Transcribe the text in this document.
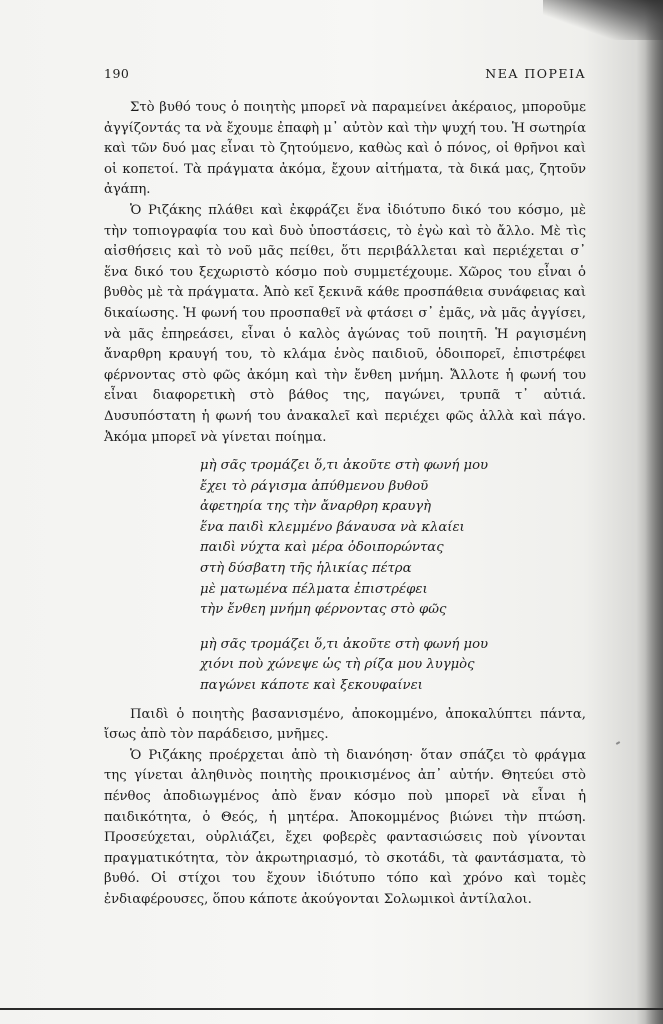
190	ΝΕΑ ΠΟΡΕΙΑ

Στὸ βυθό τους ὁ ποιητὴς μπορεῖ νὰ παραμείνει ἀκέραιος, μποροῦμε ἀγγίζοντάς τα νὰ ἔχουμε ἐπαφὴ μ᾽ αὐτὸν καὶ τὴν ψυχή του. Ἡ σωτηρία καὶ τῶν δυό μας εἶναι τὸ ζητούμενο, καθὼς καὶ ὁ πόνος, οἱ θρῆνοι καὶ οἱ κοπετοί. Τὰ πράγματα ἀκόμα, ἔχουν αἰτήματα, τὰ δικά μας, ζητοῦν ἀγάπη.

Ὁ Ριζάκης πλάθει καὶ ἐκφράζει ἕνα ἰδιότυπο δικό του κόσμο, μὲ τὴν τοπιογραφία του καὶ δυὸ ὑποστάσεις, τὸ ἐγὼ καὶ τὸ ἄλλο. Μὲ τὶς αἰσθήσεις καὶ τὸ νοῦ μᾶς πείθει, ὅτι περιβάλλεται καὶ περιέχεται σ᾽ ἕνα δικό του ξεχωριστὸ κόσμο ποὺ συμμετέχουμε. Χῶρος του εἶναι ὁ βυθὸς μὲ τὰ πράγματα. Ἀπὸ κεῖ ξεκινᾶ κάθε προσπάθεια συνάφειας καὶ δικαίωσης. Ἡ φωνή του προσπαθεῖ νὰ φτάσει σ᾽ ἐμᾶς, νὰ μᾶς ἀγγίσει, νὰ μᾶς ἐπηρεάσει, εἶναι ὁ καλὸς ἀγώνας τοῦ ποιητῆ. Ἡ ραγισμένη ἄναρθρη κραυγή του, τὸ κλάμα ἑνὸς παιδιοῦ, ὁδοιπορεῖ, ἐπιστρέφει φέρνοντας στὸ φῶς ἀκόμη καὶ τὴν ἔνθεη μνήμη. Ἄλλοτε ἡ φωνή του εἶναι διαφορετικὴ στὸ βάθος της, παγώνει, τρυπᾶ τ᾽ αὐτιά. Δυσυπόστατη ἡ φωνή του ἀνακαλεῖ καὶ περιέχει φῶς ἀλλὰ καὶ πάγο. Ἀκόμα μπορεῖ νὰ γίνεται ποίημα.

μὴ σᾶς τρομάζει ὅ,τι ἀκοῦτε στὴ φωνή μου
ἔχει τὸ ράγισμα ἀπύθμενου βυθοῦ
ἀφετηρία της τὴν ἄναρθρη κραυγὴ
ἕνα παιδὶ κλεμμένο βάναυσα νὰ κλαίει
παιδὶ νύχτα καὶ μέρα ὁδοιπορώντας
στὴ δύσβατη τῆς ἡλικίας πέτρα
μὲ ματωμένα πέλματα ἐπιστρέφει
τὴν ἔνθεη μνήμη φέρνοντας στὸ φῶς
μὴ σᾶς τρομάζει ὅ,τι ἀκοῦτε στὴ φωνή μου
χιόνι ποὺ χώνεψε ὡς τὴ ρίζα μου λυγμὸς
παγώνει κάποτε καὶ ξεκουφαίνει

Παιδὶ ὁ ποιητὴς βασανισμένο, ἀποκομμένο, ἀποκαλύπτει πάντα, ἴσως ἀπὸ τὸν παράδεισο, μνῆμες.

Ὁ Ριζάκης προέρχεται ἀπὸ τὴ διανόηση· ὅταν σπάζει τὸ φράγμα της γίνεται ἀληθινὸς ποιητὴς προικισμένος ἀπ᾽ αὐτήν. Θητεύει στὸ πένθος ἀποδιωγμένος ἀπὸ ἕναν κόσμο ποὺ μπορεῖ νὰ εἶναι ἡ παιδικότητα, ὁ Θεός, ἡ μητέρα. Ἀποκομμένος βιώνει τὴν πτώση. Προσεύχεται, οὐρλιάζει, ἔχει φοβερὲς φαντασιώσεις ποὺ γίνονται πραγματικότητα, τὸν ἀκρωτηριασμό, τὸ σκοτάδι, τὰ φαντάσματα, τὸ βυθό. Οἱ στίχοι του ἔχουν ἰδιότυπο τόπο καὶ χρόνο καὶ τομὲς ἐνδιαφέρουσες, ὅπου κάποτε ἀκούγονται Σολωμικοὶ ἀντίλαλοι.
